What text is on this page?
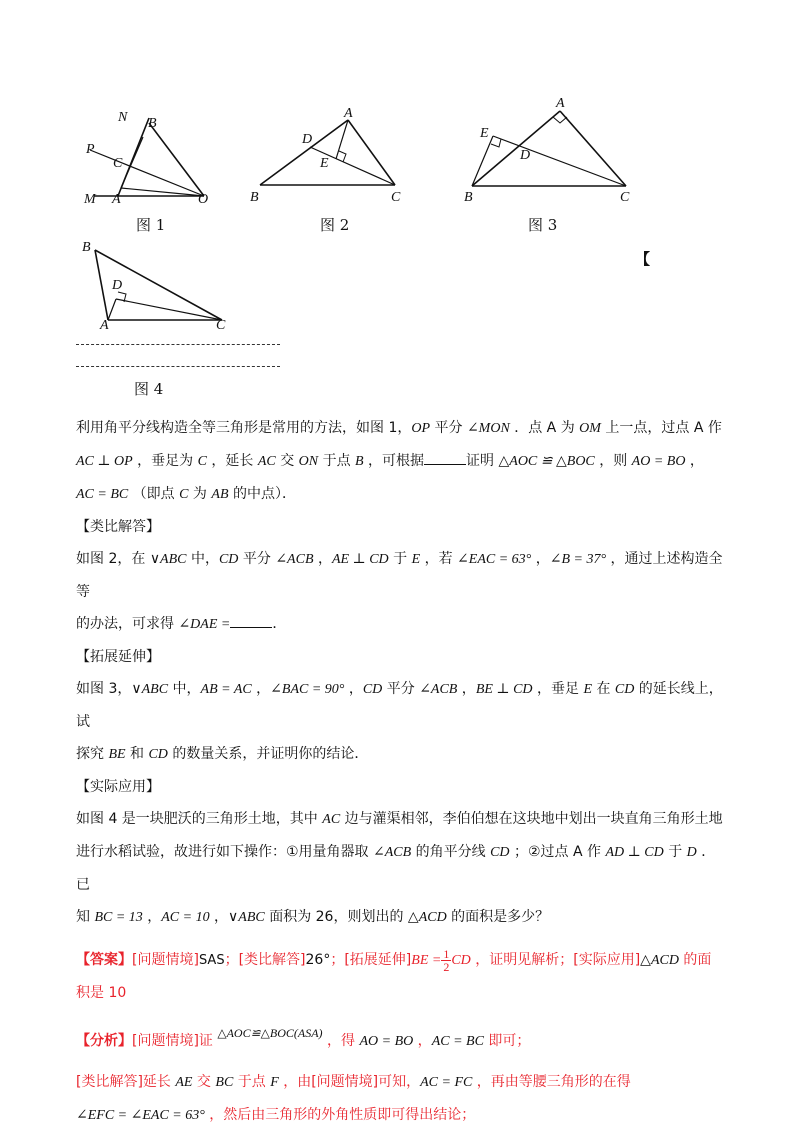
N B
P
C
M A	O
图 1
A
D
E
B	C
图 2
A
E
D
B	C
图 3
【
B
D
A	C
图 4

利用角平分线构造全等三角形是常用的方法，如图 1，OP 平分 ∠MON ．点 A 为 OM 上一点，过点 A 作

AC ⊥ OP ，垂足为 C ，延长 AC 交 ON 于点 B ，可根据	证明 △AOC ≌ △BOC ，则 AO = BO ，

AC = BC （即点 C 为 AB 的中点）．

【类比解答】

如图 2，在 ∨ABC 中，CD 平分 ∠ACB ，AE ⊥ CD 于 E ，若 ∠EAC = 63° ，∠B = 37° ，通过上述构造全等

的办法，可求得 ∠DAE =	．

【拓展延伸】

如图 3，∨ABC 中，AB = AC ，∠BAC = 90° ，CD 平分 ∠ACB ，BE ⊥ CD ，垂足 E 在 CD 的延长线上，试

探究 BE 和 CD 的数量关系，并证明你的结论．

【实际应用】

如图 4 是一块肥沃的三角形土地，其中 AC 边与灌渠相邻，李伯伯想在这块地中划出一块直角三角形土地

进行水稻试验，故进行如下操作：①用量角器取 ∠ACB 的角平分线 CD ；②过点 A 作 AD ⊥ CD 于 D ．已

知 BC = 13 ，AC = 10 ，∨ABC 面积为 26，则划出的 △ACD 的面积是多少？

【答案】[问题情境]SAS；[类比解答]26°；[拓展延伸]$BE = \frac{1}{2}$ CD ，证明见解析；[实际应用]△ACD 的面

积是 10

【分析】[问题情境]证 △AOC≌△BOC(ASA) ，得 AO = BO ，AC = BC 即可；

[类比解答]延长 AE 交 BC 于点 F ，由[问题情境]可知，AC = FC ，再由等腰三角形的在得

∠EFC = ∠EAC = 63° ，然后由三角形的外角性质即可得出结论；
